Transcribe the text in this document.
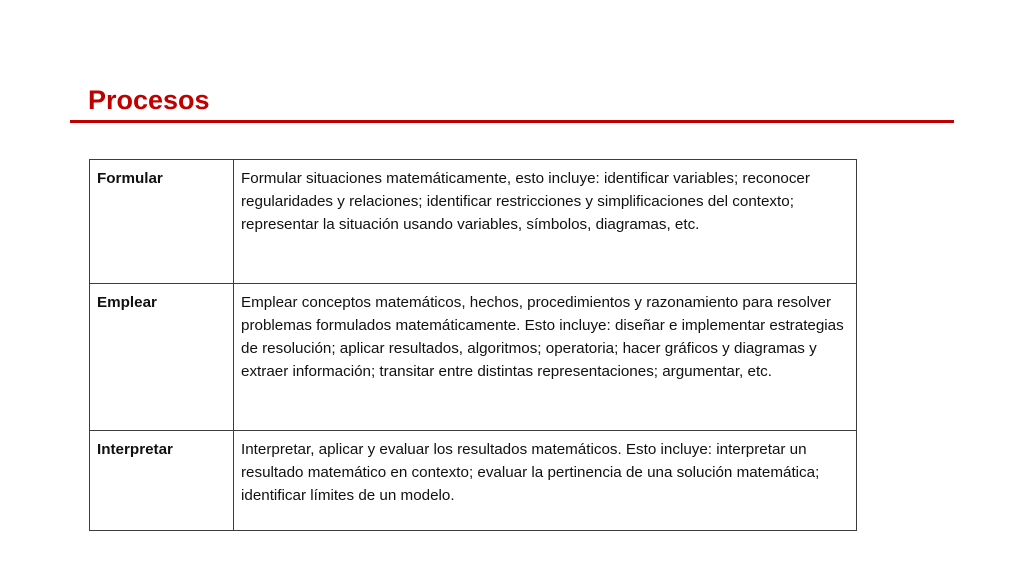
Procesos
Formular	Formular situaciones matemáticamente, esto incluye: identificar variables; reconocer regularidades y relaciones; identificar restricciones y simplificaciones del contexto; representar la situación usando variables, símbolos, diagramas, etc.
Emplear	Emplear conceptos matemáticos, hechos, procedimientos y razonamiento para resolver problemas formulados matemáticamente. Esto incluye: diseñar e implementar estrategias de resolución; aplicar resultados, algoritmos; operatoria; hacer gráficos y diagramas y extraer información; transitar entre distintas representaciones; argumentar, etc.
Interpretar	Interpretar, aplicar y evaluar los resultados matemáticos. Esto incluye: interpretar un resultado matemático en contexto; evaluar la pertinencia de una solución matemática; identificar límites de un modelo.
